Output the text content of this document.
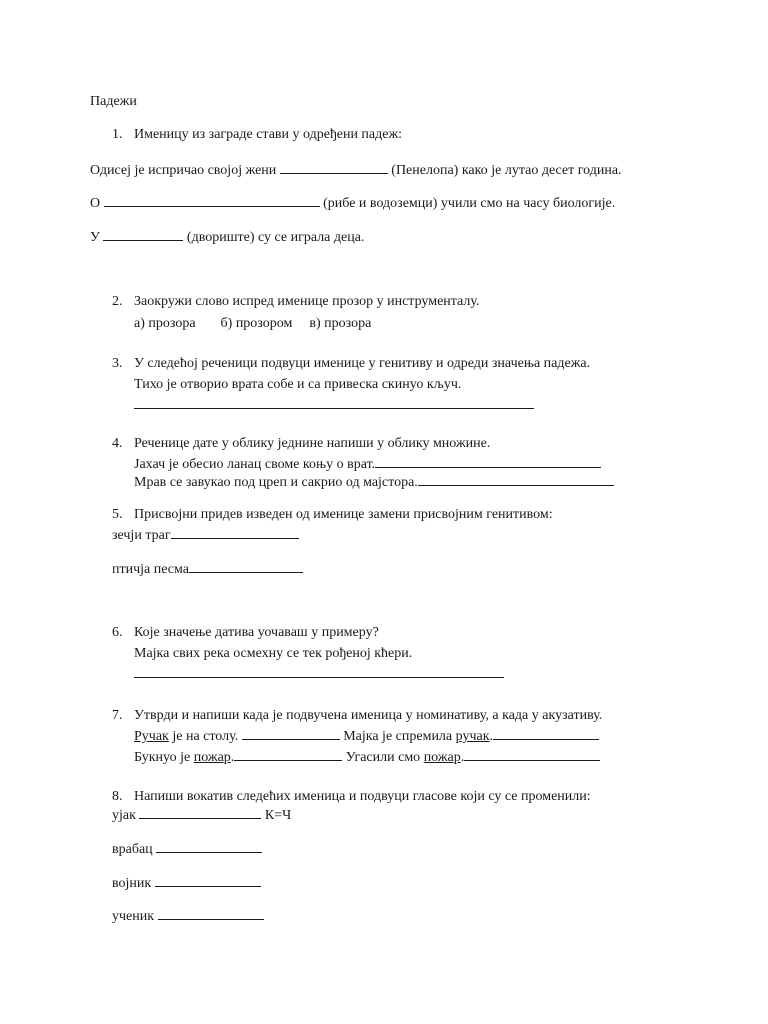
Падежи
1. Именицу из заграде стави у одређени падеж:
Одисеј је испричао својој жени	(Пенелопа) како је лутао десет година.
О	(рибе и водоземци) учили смо на часу биологије.
У	(двориште) су се играла деца.
2. Заокружи слово испред именице прозор у инструменталу.
а) прозора б) прозором в) прозора
3. У следећој реченици подвуци именице у генитиву и одреди значења падежа.
Тихо је отворио врата собе и са привеска скинуо кључ.
4. Реченице дате у облику једнине напиши у облику множине.
Јахач је обесио ланац своме коњу о врат.
Мрав се завукао под цреп и сакрио од мајстора.
5. Присвојни придев изведен од именице замени присвојним генитивом:
зечји траг
птичја песма
6. Које значење датива уочаваш у примеру?
Мајка свих река осмехну се тек рођеној кћери.
7. Утврди и напиши када је подвучена именица у номинативу, а када у акузативу.
Ручак је на столу.	Мајка је спремила ручак.
Букнуо је пожар.	Угасили смо пожар.
8. Напиши вокатив следећих именица и подвуци гласове који су се променили:
ујак	К=Ч
врабац
војник
ученик
